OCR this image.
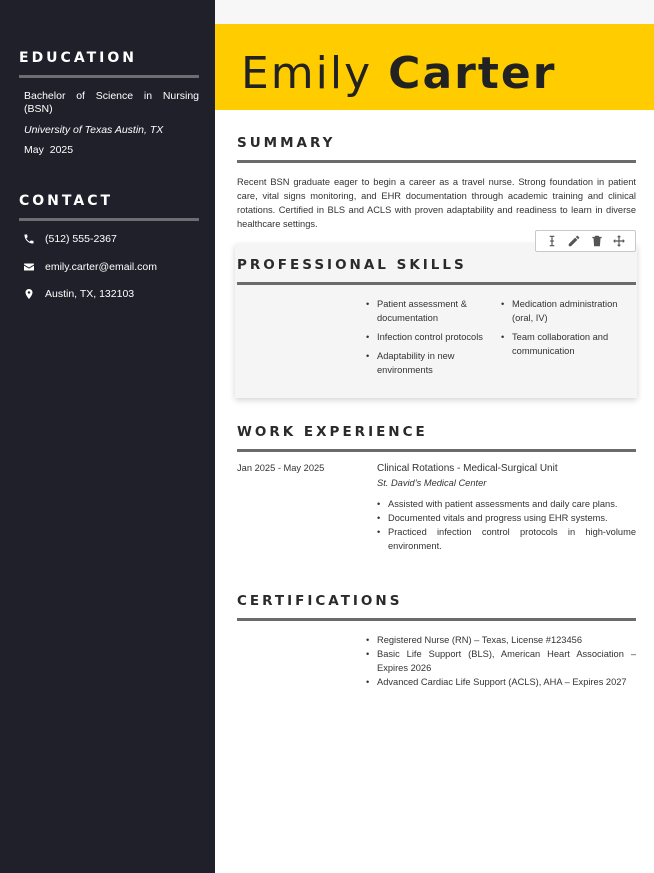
EDUCATION
Bachelor of Science in Nursing (BSN)
University of Texas Austin, TX
May 2025
CONTACT
(512) 555-2367
emily.carter@email.com
Austin, TX, 132103
Emily Carter
SUMMARY

Recent BSN graduate eager to begin a career as a travel nurse. Strong foundation in patient care, vital signs monitoring, and EHR documentation through academic training and clinical rotations. Certified in BLS and ACLS with proven adaptability and readiness to learn in diverse healthcare settings.

PROFESSIONAL SKILLS
• Patient assessment & documentation
• Infection control protocols
• Adaptability in new environments
• Medication administration (oral, IV)
• Team collaboration and communication
WORK EXPERIENCE
Jan 2025 - May 2025	Clinical Rotations - Medical-Surgical Unit
St. David’s Medical Center
• Assisted with patient assessments and daily care plans.
• Documented vitals and progress using EHR systems.
• Practiced infection control protocols in high-volume environment.
CERTIFICATIONS
• Registered Nurse (RN) – Texas, License #123456
• Basic Life Support (BLS), American Heart Association – Expires 2026
• Advanced Cardiac Life Support (ACLS), AHA – Expires 2027
